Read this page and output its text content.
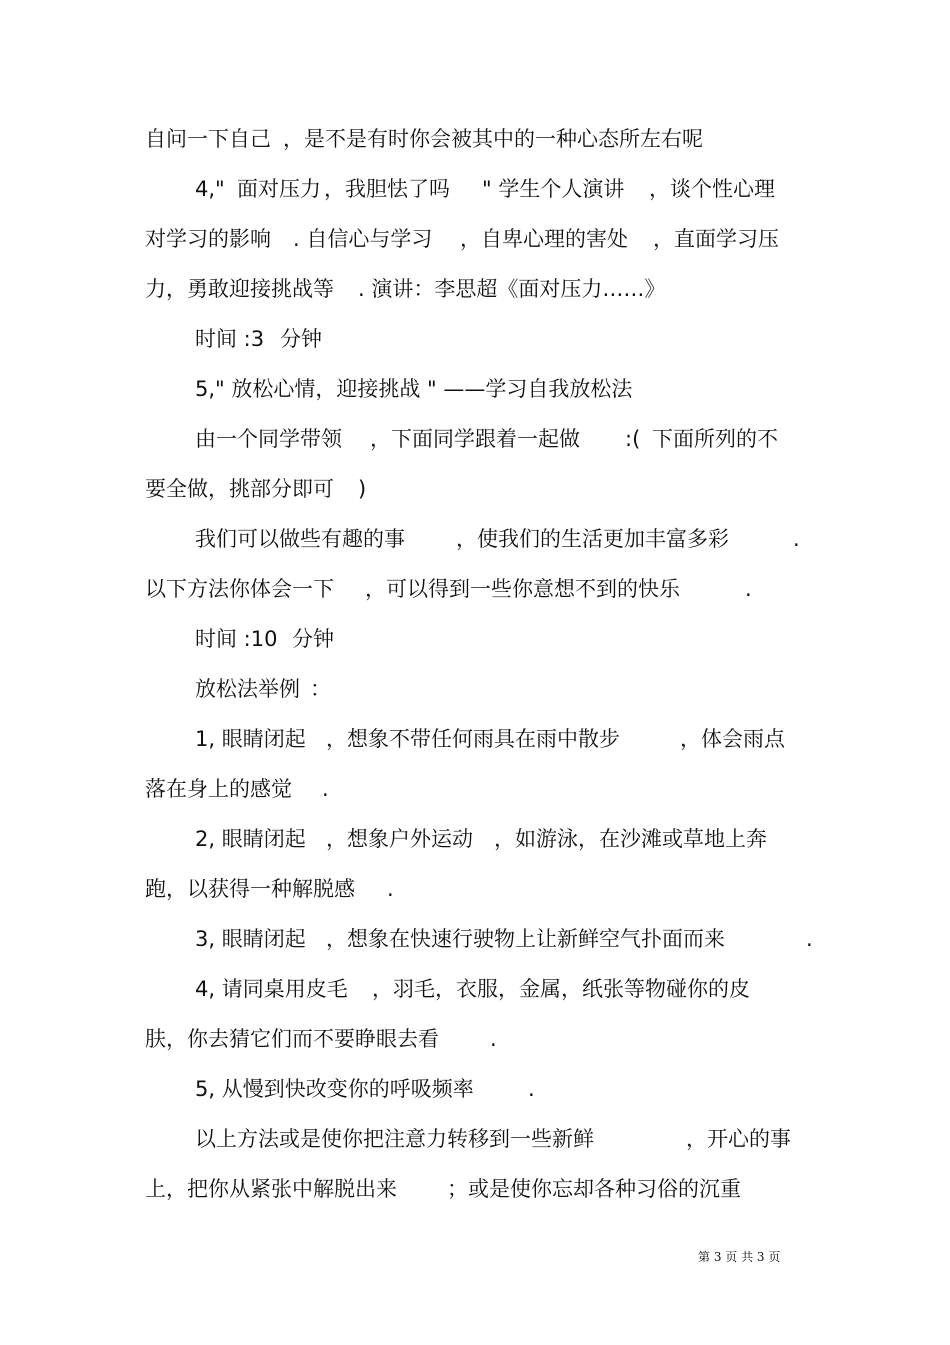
自问一下自己

，是不是有时你会被其中的一种心态所左右呢

4,"

面对压力

，我胆怯了吗

" 学生个人演讲

，谈个性心理

对学习的影响

. 自信心与学习

，自卑心理的害处

，直面学习压

力，勇敢迎接挑战等

. 演讲：李思超《面对压力……》

时间 :3

分钟

5," 放松心情，迎接挑战 " ——学习自我放松法

由一个同学带领

，下面同学跟着一起做

:(

下面所列的不

要全做，挑部分即可

)

我们可以做些有趣的事

，使我们的生活更加丰富多彩

	.

以下方法你体会一下

，可以得到一些你意想不到的快乐

	.

时间 :10

分钟

放松法举例

：

1, 眼睛闭起

，想象不带任何雨具在雨中散步

	，体会雨点

落在身上的感觉

.

2, 眼睛闭起

，想象户外运动

，如游泳，在沙滩或草地上奔

跑，以获得一种解脱感

.

3, 眼睛闭起

，想象在快速行驶物上让新鲜空气扑面而来

	.

4, 请同桌用皮毛

，羽毛，衣服，金属，纸张等物碰你的皮

肤，你去猜它们而不要睁眼去看

.

5, 从慢到快改变你的呼吸频率

	.

以上方法或是使你把注意力转移到一些新鲜

	，开心的事

上，把你从紧张中解脱出来

；或是使你忘却各种习俗的沉重

第 3 页 共 3 页
